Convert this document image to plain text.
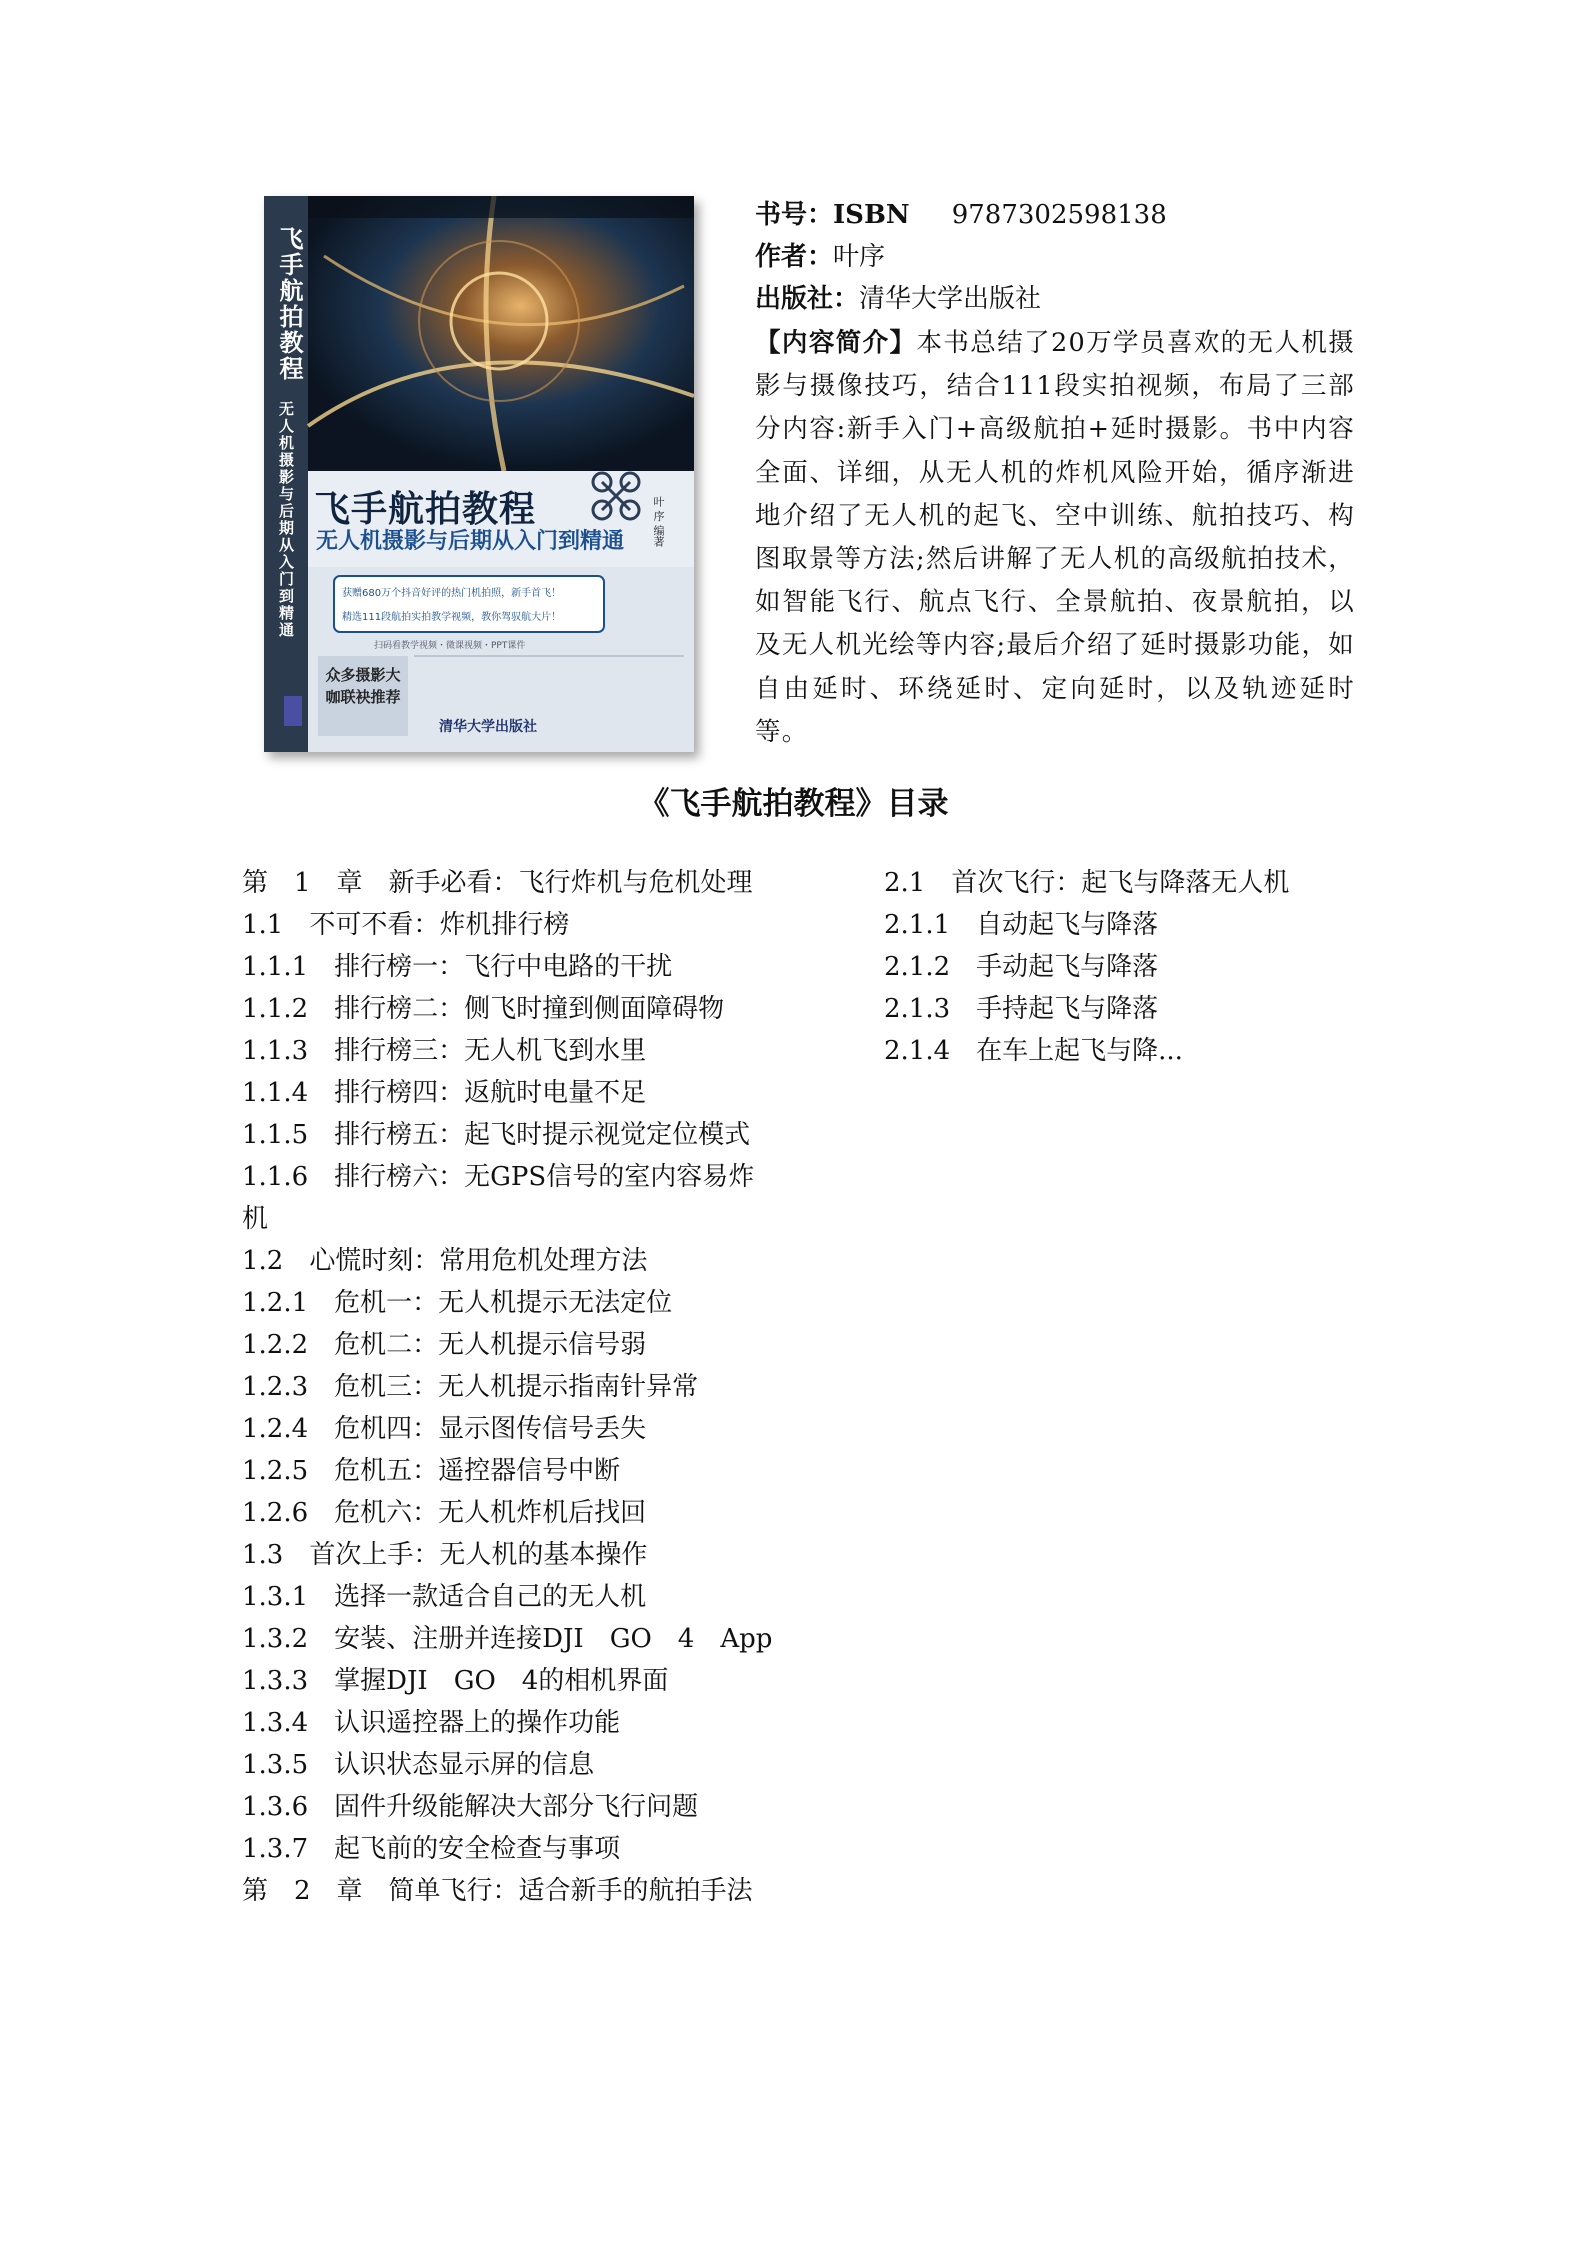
飞手航拍教程
无人机摄影与后期从入门到精通 飞手航拍教程
无人机摄影与后期从入门到精通	叶 序 编著
获赠680万个抖音好评的热门机拍照，新手首飞！
精选111段航拍实拍教学视频，教你驾驭航大片！
扫码看教学视频・微课视频・PPT课件
众多摄影大咖联袂推荐
清华大学出版社
书号：ISBN 9787302598138
作者：叶序
出版社：清华大学出版社
【内容简介】本书总结了20万学员喜欢的无人机摄影与摄像技巧，结合111段实拍视频，布局了三部分内容:新手入门+高级航拍+延时摄影。书中内容全面、详细，从无人机的炸机风险开始，循序渐进地介绍了无人机的起飞、空中训练、航拍技巧、构图取景等方法;然后讲解了无人机的高级航拍技术，如智能飞行、航点飞行、全景航拍、夜景航拍，以及无人机光绘等内容;最后介绍了延时摄影功能，如自由延时、环绕延时、定向延时，以及轨迹延时等。
《飞手航拍教程》目录
第　1　章　新手必看：飞行炸机与危机处理
1.1　不可不看：炸机排行榜
1.1.1　排行榜一：飞行中电路的干扰
1.1.2　排行榜二：侧飞时撞到侧面障碍物
1.1.3　排行榜三：无人机飞到水里
1.1.4　排行榜四：返航时电量不足
1.1.5　排行榜五：起飞时提示视觉定位模式
1.1.6　排行榜六：无GPS信号的室内容易炸机
1.2　心慌时刻：常用危机处理方法
1.2.1　危机一：无人机提示无法定位
1.2.2　危机二：无人机提示信号弱
1.2.3　危机三：无人机提示指南针异常
1.2.4　危机四：显示图传信号丢失
1.2.5　危机五：遥控器信号中断
1.2.6　危机六：无人机炸机后找回
1.3　首次上手：无人机的基本操作
1.3.1　选择一款适合自己的无人机
1.3.2　安装、注册并连接DJI　GO　4　App
1.3.3　掌握DJI　GO　4的相机界面
1.3.4　认识遥控器上的操作功能
1.3.5　认识状态显示屏的信息
1.3.6　固件升级能解决大部分飞行问题
1.3.7　起飞前的安全检查与事项
第　2　章　简单飞行：适合新手的航拍手法
2.1　首次飞行：起飞与降落无人机
2.1.1　自动起飞与降落
2.1.2　手动起飞与降落
2.1.3　手持起飞与降落
2.1.4　在车上起飞与降...
